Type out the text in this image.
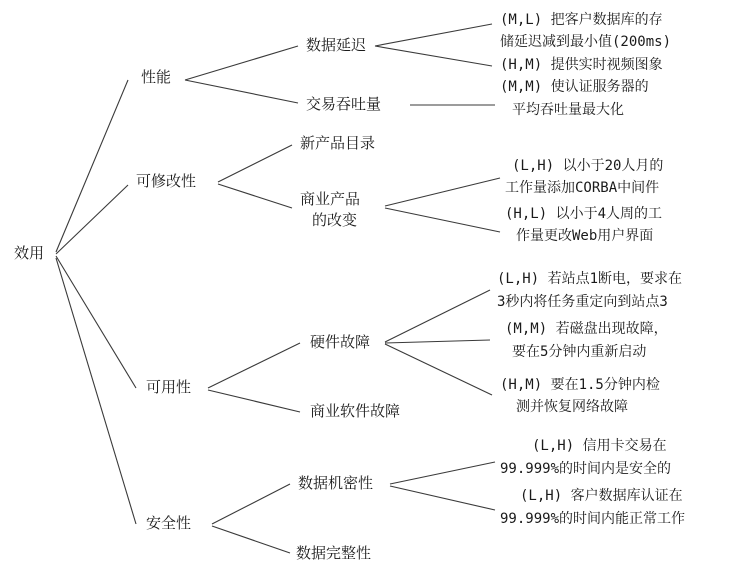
效用
性能
可修改性
可用性
安全性
数据延迟
交易吞吐量
新产品目录
商业产品
的改变
硬件故障
商业软件故障
数据机密性
数据完整性
(M,L) 把客户数据库的存
储延迟减到最小值(200ms)
(H,M) 提供实时视频图象
(M,M) 使认证服务器的
平均吞吐量最大化
(L,H) 以小于20人月的
工作量添加CORBA中间件
(H,L) 以小于4人周的工
作量更改Web用户界面
(L,H) 若站点1断电，要求在
3秒内将任务重定向到站点3
(M,M) 若磁盘出现故障，
要在5分钟内重新启动
(H,M) 要在1.5分钟内检
测并恢复网络故障
(L,H) 信用卡交易在
99.999%的时间内是安全的
(L,H) 客户数据库认证在
99.999%的时间内能正常工作
